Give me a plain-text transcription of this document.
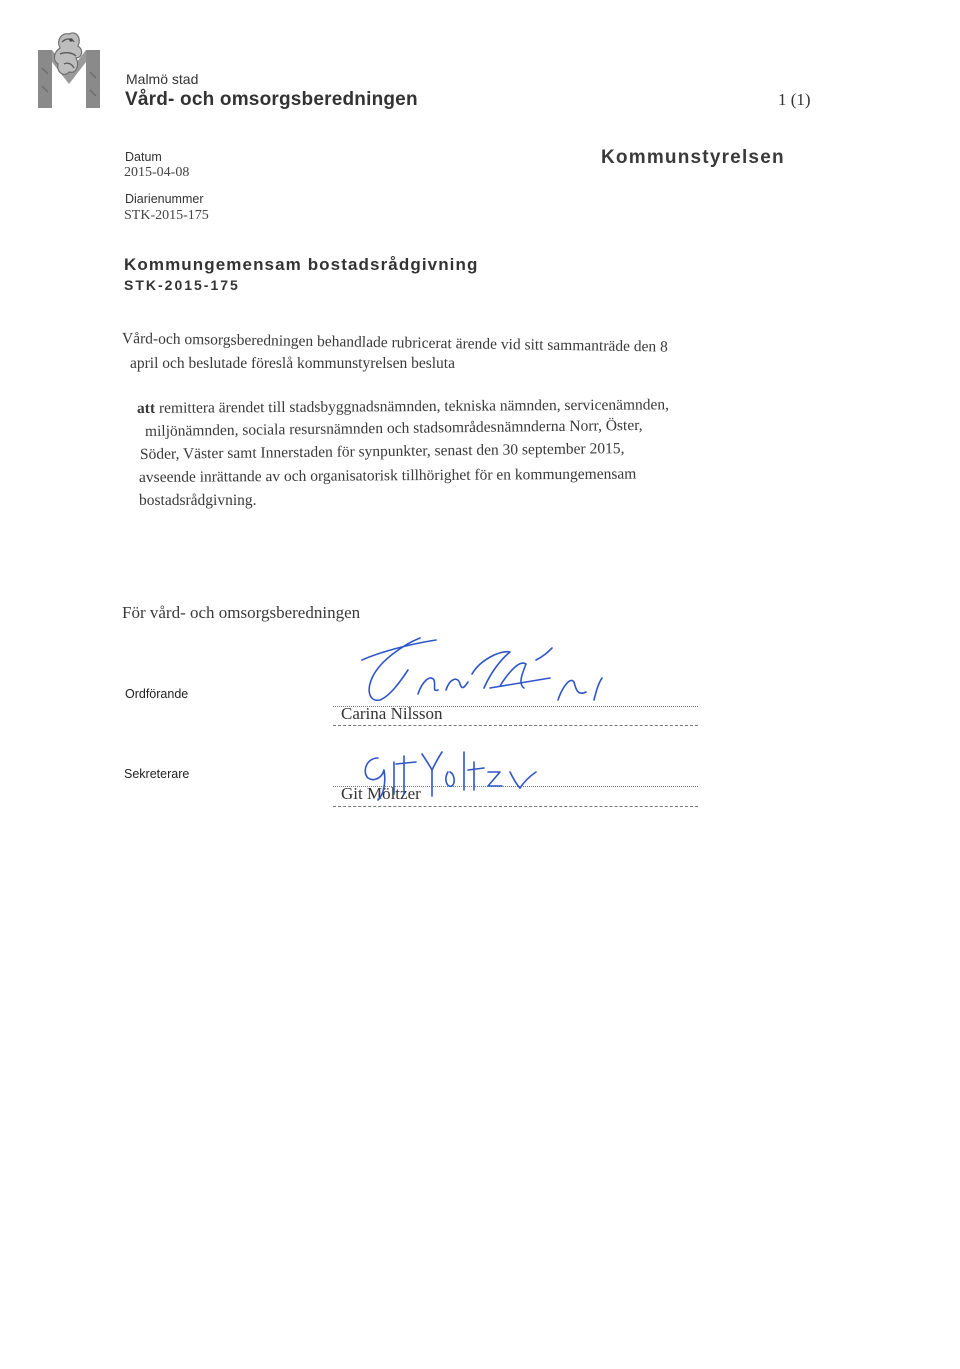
Malmö stad
Vård- och omsorgsberedningen	1 (1)
Datum
2015-04-08
Diarienummer
STK-2015-175
Kommunstyrelsen
Kommungemensam bostadsrådgivning
STK-2015-175
Vård-och omsorgsberedningen behandlade rubricerat ärende vid sitt sammanträde den 8
april och beslutade föreslå kommunstyrelsen besluta
att remittera ärendet till stadsbyggnadsnämnden, tekniska nämnden, servicenämnden,
miljönämnden, sociala resursnämnden och stadsområdesnämnderna Norr, Öster,
Söder, Väster samt Innerstaden för synpunkter, senast den 30 september 2015,
avseende inrättande av och organisatorisk tillhörighet för en kommungemensam
bostadsrådgivning.
För vård- och omsorgsberedningen
Ordförande
Sekreterare
Carina Nilsson
Git Möltzer
